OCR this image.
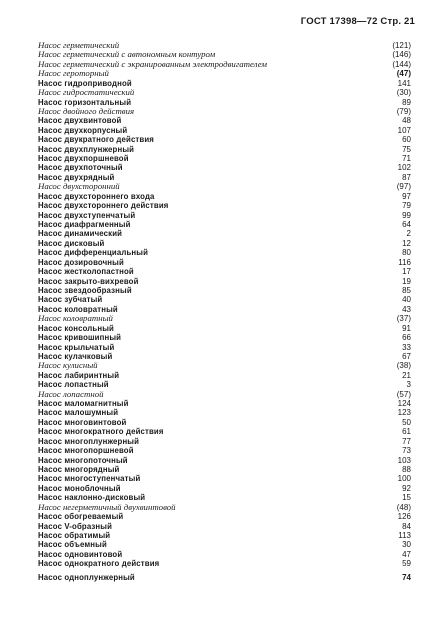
ГОСТ 17398—72 Стр. 21
Насос герметический	(121)
Насос герметический с автономным контуром	(146)
Насос герметический с экранированным электродвигателем	(144)
Насос героторный	(47)
Насос гидроприводной	141
Насос гидростатический	(30)
Насос горизонтальный	89
Насос двойного действия	(79)
Насос двухвинтовой	48
Насос двухкорпусный	107
Насос двукратного действия	60
Насос двухплунжерный	75
Насос двухпоршневой	71
Насос двухпоточный	102
Насос двухрядный	87
Насос двухсторонний	(97)
Насос двухстороннего входа	97
Насос двухстороннего действия	79
Насос двухступенчатый	99
Насос диафрагменный	64
Насос динамический	2
Насос дисковый	12
Насос дифференциальный	80
Насос дозировочный	116
Насос жестколопастной	17
Насос закрыто-вихревой	19
Насос звездообразный	85
Насос зубчатый	40
Насос коловратный	43
Насос коловратный	(37)
Насос консольный	91
Насос кривошипный	66
Насос крыльчатый	33
Насос кулачковый	67
Насос кулисный	(38)
Насос лабиринтный	21
Насос лопастный	3
Насос лопастной	(57)
Насос маломагнитный	124
Насос малошумный	123
Насос многовинтовой	50
Насос многократного действия	61
Насос многоплунжерный	77
Насос многопоршневой	73
Насос многопоточный	103
Насос многорядный	88
Насос многоступенчатый	100
Насос моноблочный	92
Насос наклонно-дисковый	15
Насос негерметичный двухвинтовой	(48)
Насос обогреваемый	126
Насос V-образный	84
Насос обратимый	113
Насос объемный	30
Насос одновинтовой	47
Насос однократного действия	59
Насос одноплунжерный	74
